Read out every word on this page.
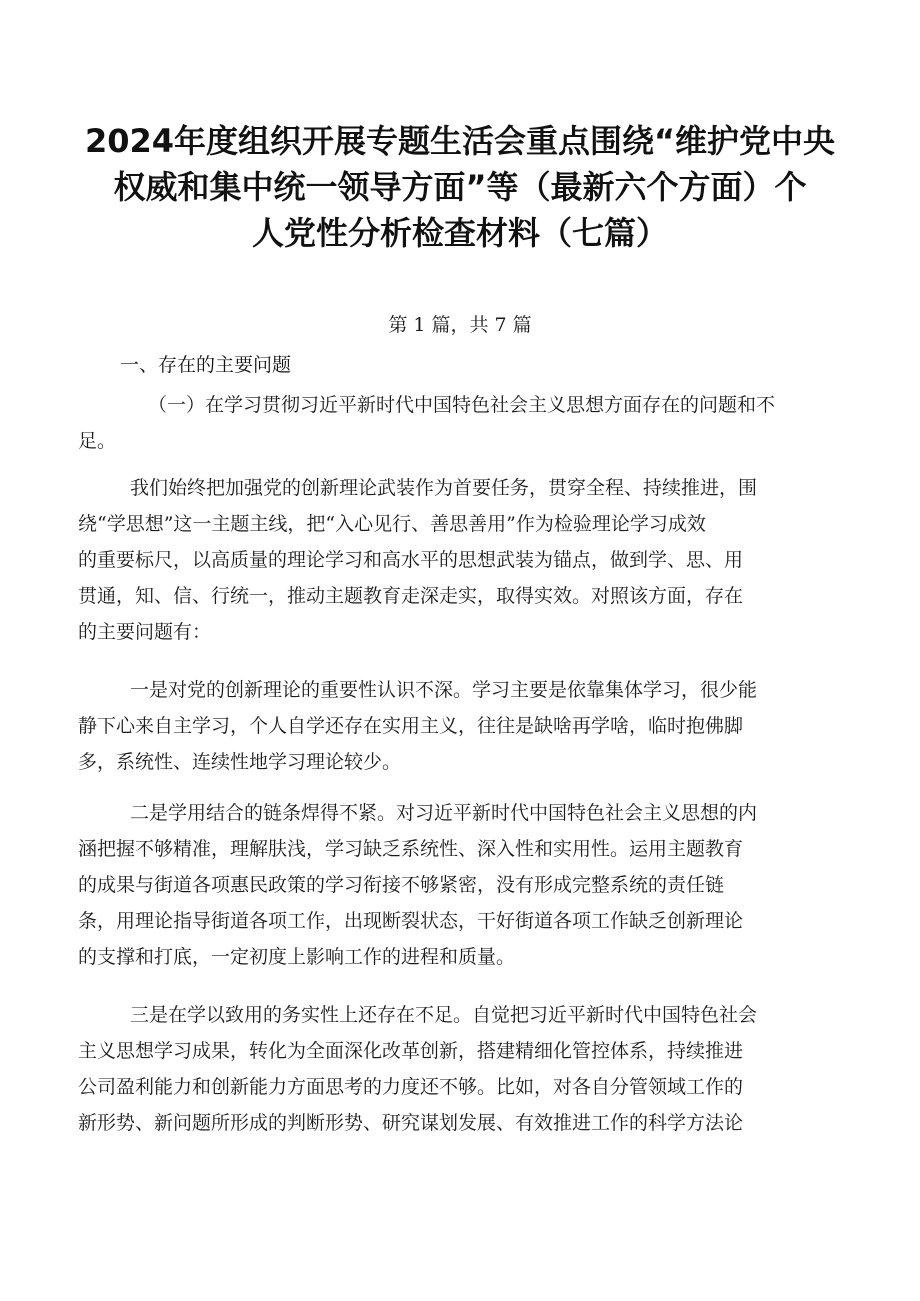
2024年度组织开展专题生活会重点围绕“维护党中央
权威和集中统一领导方面”等（最新六个方面）个
人党性分析检查材料（七篇）
第 1 篇，共 7 篇
一、存在的主要问题
（一）在学习贯彻习近平新时代中国特色社会主义思想方面存在的问题和不
足。
我们始终把加强党的创新理论武装作为首要任务，贯穿全程、持续推进，围
绕“学思想”这一主题主线，把“入心见行、善思善用”作为检验理论学习成效
的重要标尺，以高质量的理论学习和高水平的思想武装为锚点，做到学、思、用
贯通，知、信、行统一，推动主题教育走深走实，取得实效。对照该方面，存在
的主要问题有：
一是对党的创新理论的重要性认识不深。学习主要是依靠集体学习，很少能
静下心来自主学习，个人自学还存在实用主义，往往是缺啥再学啥，临时抱佛脚
多，系统性、连续性地学习理论较少。
二是学用结合的链条焊得不紧。对习近平新时代中国特色社会主义思想的内
涵把握不够精准，理解肤浅，学习缺乏系统性、深入性和实用性。运用主题教育
的成果与街道各项惠民政策的学习衔接不够紧密，没有形成完整系统的责任链
条，用理论指导街道各项工作，出现断裂状态，干好街道各项工作缺乏创新理论
的支撑和打底，一定初度上影响工作的进程和质量。
三是在学以致用的务实性上还存在不足。自觉把习近平新时代中国特色社会
主义思想学习成果，转化为全面深化改革创新，搭建精细化管控体系，持续推进
公司盈利能力和创新能力方面思考的力度还不够。比如，对各自分管领域工作的
新形势、新问题所形成的判断形势、研究谋划发展、有效推进工作的科学方法论
